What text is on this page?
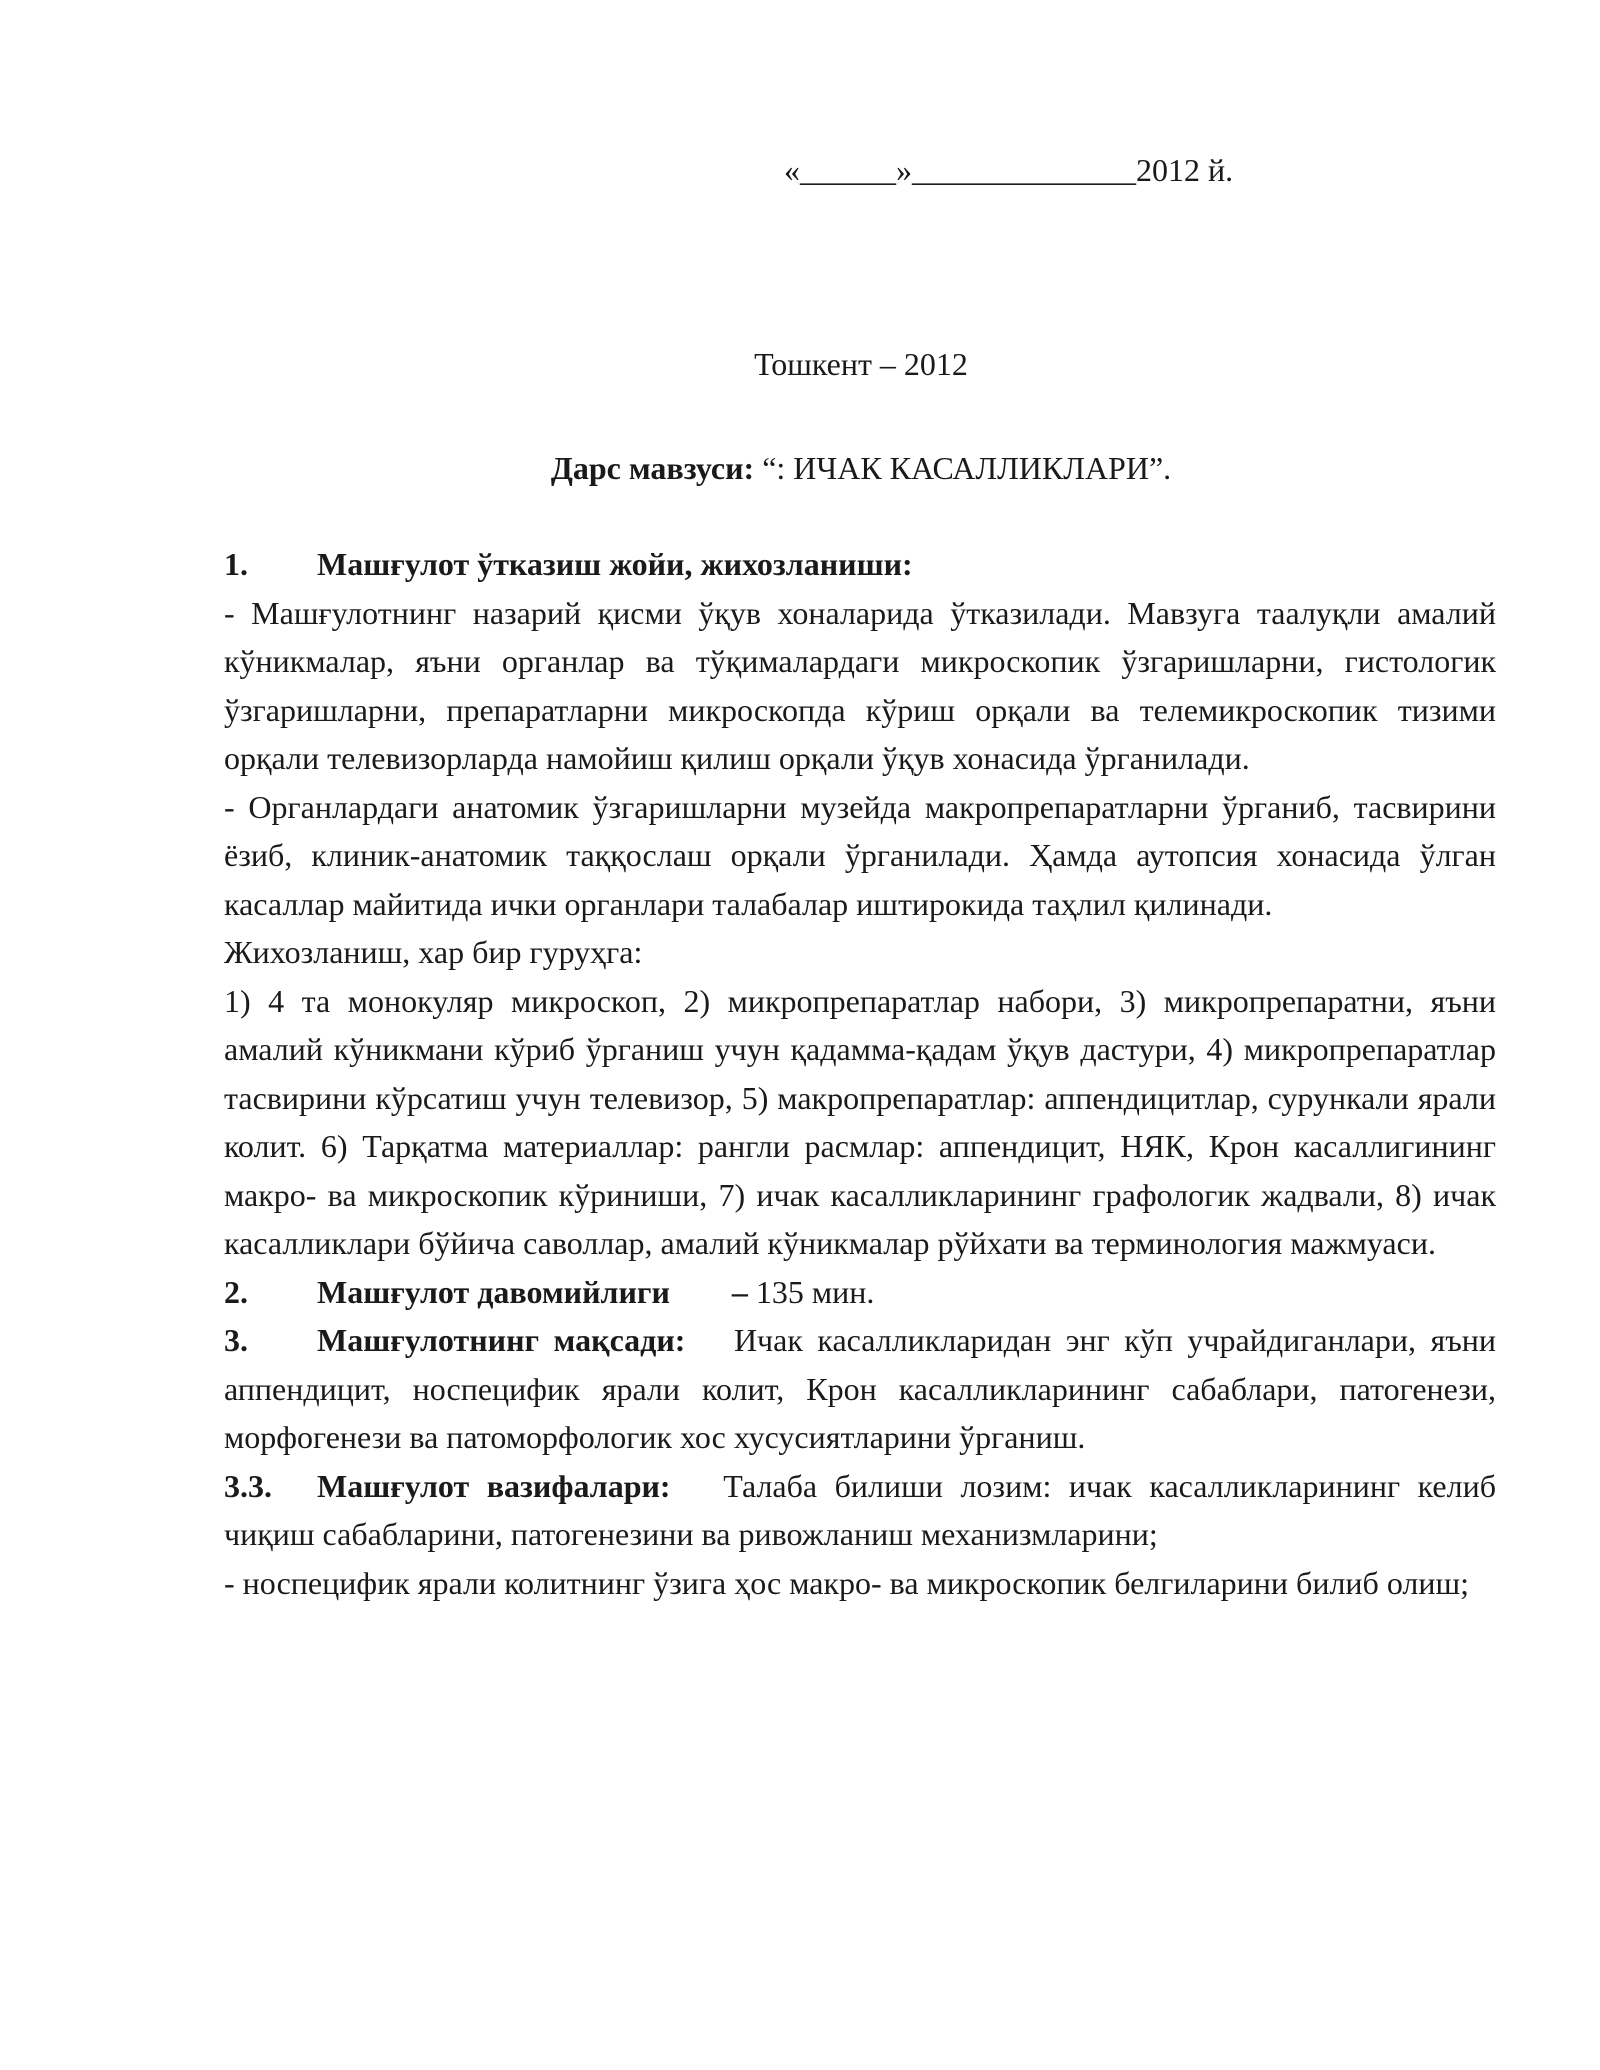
«______»______________2012 й.
Тошкент – 2012
Дарс мавзуси: “: ИЧАК КАСАЛЛИКЛАРИ”.
1.	Машғулот ўтказиш жойи, жихозланиши:

- Машғулотнинг назарий қисми ўқув хоналарида ўтказилади. Мавзуга таалуқли амалий кўникмалар, яъни органлар ва тўқималардаги микроскопик ўзгаришларни, гистологик ўзгаришларни, препаратларни микроскопда кўриш орқали ва телемикроскопик тизими орқали телевизорларда намойиш қилиш орқали ўқув хонасида ўрганилади.

- Органлардаги анатомик ўзгаришларни музейда макропрепаратларни ўрганиб, тасвирини ёзиб, клиник-анатомик таққослаш орқали ўрганилади. Ҳамда аутопсия хонасида ўлган касаллар майитида ички органлари талабалар иштирокида таҳлил қилинади.

Жихозланиш, хар бир гуруҳга:

1) 4 та монокуляр микроскоп, 2) микропрепаратлар набори, 3) микропрепаратни, яъни амалий кўникмани кўриб ўрганиш учун қадамма-қадам ўқув дастури, 4) микропрепаратлар тасвирини кўрсатиш учун телевизор, 5) макропрепаратлар: аппендицитлар, сурункали ярали колит. 6) Тарқатма материаллар: рангли расмлар: аппендицит, НЯК, Крон касаллигининг макро- ва микроскопик кўриниши, 7) ичак касалликларининг графологик жадвали, 8) ичак касалликлари бўйича саволлар, амалий кўникмалар рўйхати ва терминология мажмуаси.

2.	Машғулот давомийлиги –
135 мин.

3. Машғулотнинг мақсади: Ичак касалликларидан энг кўп учрайдиганлари, яъни аппендицит, носпецифик ярали колит, Крон касалликларининг сабаблари, патогенези, морфогенези ва патоморфологик хос хусусиятларини ўрганиш.

3.3. Машғулот вазифалари: Талаба билиши лозим: ичак касалликларининг келиб чиқиш сабабларини, патогенезини ва ривожланиш механизмларини;

- носпецифик ярали колитнинг ўзига ҳос макро- ва микроскопик белгиларини билиб олиш;
